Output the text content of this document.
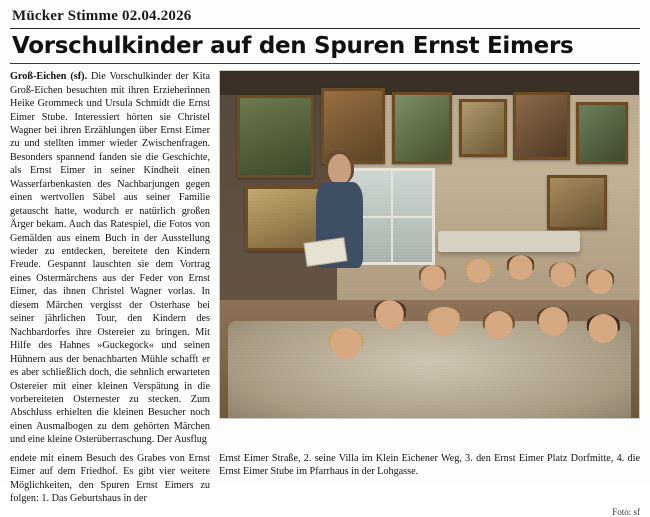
Mücker Stimme 02.04.2026
Vorschulkinder auf den Spuren Ernst Eimers

Groß-Eichen (sf). Die Vorschulkinder der Kita Groß-Eichen besuchten mit ihren Erzieherinnen Heike Grommeck und Ursula Schmidt die Ernst Eimer Stube. Interessiert hörten sie Christel Wagner bei ihren Erzählungen über Ernst Eimer zu und stellten immer wieder Zwischenfragen. Besonders spannend fanden sie die Geschichte, als Ernst Eimer in seiner Kindheit einen Wasserfarbenkasten des Nachbarjungen gegen einen wertvollen Säbel aus seiner Familie getauscht hatte, wodurch er natürlich großen Ärger bekam. Auch das Ratespiel, die Fotos von Gemälden aus einem Buch in der Ausstellung wieder zu entdecken, bereitete den Kindern Freude. Gespannt lauschten sie dem Vortrag eines Ostermärchens aus der Feder von Ernst Eimer, das ihnen Christel Wagner vorlas. In diesem Märchen vergisst der Osterhase bei seiner jährlichen Tour, den Kindern des Nachbardorfes ihre Ostereier zu bringen. Mit Hilfe des Hahnes »Guckegock« und seinen Hühnern aus der benachbarten Mühle schafft er es aber schließlich doch, die sehnlich erwarteten Ostereier mit einer kleinen Verspätung in die vorbereiteten Osternester zu stecken. Zum Abschluss erhielten die kleinen Besucher noch einen Ausmalbogen zu dem gehörten Märchen und eine kleine Osterüberraschung. Der Ausflug

endete mit einem Besuch des Grabes von Ernst Eimer auf dem Friedhof. Es gibt vier weitere Möglichkeiten, den Spuren Ernst Eimers zu folgen: 1. Das Geburtshaus in der
Ernst Eimer Straße, 2. seine Villa im Klein Eichener Weg, 3. den Ernst Eimer Platz Dorfmitte, 4. die Ernst Eimer Stube im Pfarrhaus in der Lohgasse.
Foto: sf
